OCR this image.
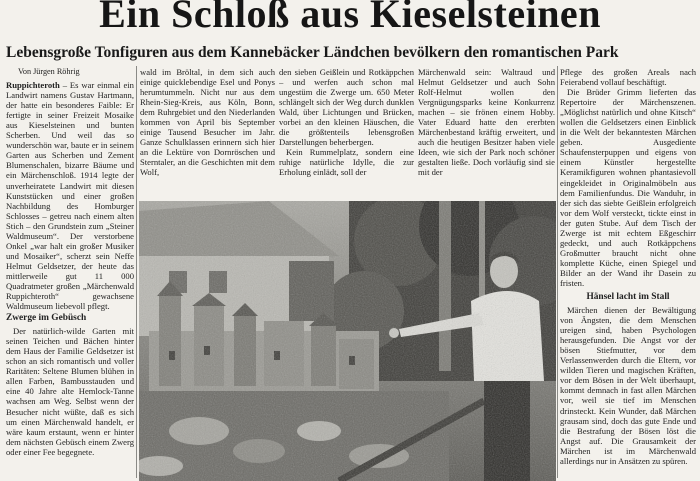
Ein Schloß aus Kieselsteinen
Lebensgroße Tonfiguren aus dem Kannebäcker Ländchen bevölkern den romantischen Park

Von Jürgen Röhrig

Ruppichteroth – Es war einmal ein Landwirt namens Gustav Hartmann, der hatte ein besonderes Faible: Er fertigte in seiner Freizeit Mosaike aus Kieselsteinen und bunten Scherben. Und weil das so wunderschön war, baute er in seinem Garten aus Scherben und Zement Blumenschalen, bizarre Bäume und ein Märchenschloß. 1914 legte der unverheiratete Landwirt mit diesen Kunststücken und einer großen Nachbildung des Homburger Schlosses – getreu nach einem alten Stich – den Grundstein zum „Steiner Waldmuseum“. Der verstorbene Onkel „war halt ein großer Musiker und Mosaiker“, scherzt sein Neffe Helmut Geldsetzer, der heute das mittlerweile gut 11 000 Quadratmeter großen „Märchenwald Ruppichteroth“ gewachsene Waldmuseum liebevoll pflegt.

Zwerge im Gebüsch

Der natürlich-wilde Garten mit seinen Teichen und Bächen hinter dem Haus der Familie Geldsetzer ist schon an sich romantisch und voller Raritäten: Seltene Blumen blühen in allen Farben, Bambusstauden und eine 40 Jahre alte Hemlock-Tanne wachsen am Weg. Selbst wenn der Besucher nicht wüßte, daß es sich um einen Märchenwald handelt, er wäre kaum erstaunt, wenn er hinter dem nächsten Gebüsch einem Zwerg oder einer Fee begegnete.

wald im Bröltal, in dem sich auch einige quicklebendige Esel und Ponys herumtummeln. Nicht nur aus dem Rhein-Sieg-Kreis, aus Köln, Bonn, dem Ruhrgebiet und den Niederlanden kommen von April bis September einige Tausend Besucher im Jahr. Ganze Schulklassen erinnern sich hier an die Lektüre von Dornröschen und Sterntaler, an die Geschichten mit dem Wolf,

den sieben Geißlein und Rotkäppchen – und werfen auch schon mal ungestüm die Zwerge um. 650 Meter schlängelt sich der Weg durch dunklen Wald, über Lichtungen und Brücken, vorbei an den kleinen Häuschen, die die größtenteils lebensgroßen Darstellungen beherbergen.

Kein Rummelplatz, sondern eine ruhige natürliche Idylle, die zur Erholung einlädt, soll der

Märchenwald sein: Waltraud und Helmut Geldsetzer und auch Sohn Rolf-Helmut wollen den Vergnügungsparks keine Konkurrenz machen – sie frönen einem Hobby. Vater Eduard hatte den ererbten Märchenbestand kräftig erweitert, und auch die heutigen Besitzer haben viele Ideen, wie sich der Park noch schöner gestalten ließe. Doch vorläufig sind sie mit der

Pflege des großen Areals nach Feierabend vollauf beschäftigt.

Die Brüder Grimm lieferten das Repertoire der Märchenszenen. „Möglichst natürlich und ohne Kitsch“ wollen die Geldsetzers einen Einblick in die Welt der bekanntesten Märchen geben. Ausgediente Schaufensterpuppen und eigens von einem Künstler hergestellte Keramikfiguren wohnen phantasievoll eingekleidet in Originalmöbeln aus dem Familienfundus. Die Wanduhr, in der sich das siebte Geißlein erfolgreich vor dem Wolf versteckt, tickte einst in der guten Stube. Auf dem Tisch der Zwerge ist mit echtem Eßgeschirr gedeckt, und auch Rotkäppchens Großmutter braucht nicht ohne komplette Küche, einen Spiegel und Bilder an der Wand ihr Dasein zu fristen.

Hänsel lacht im Stall

Märchen dienen der Bewältigung von Ängsten, die dem Menschen ureigen sind, haben Psychologen herausgefunden. Die Angst vor der bösen Stiefmutter, vor dem Verlassenwerden durch die Eltern, vor wilden Tieren und magischen Kräften, vor dem Bösen in der Welt überhaupt, kommt demnach in fast allen Märchen vor, weil sie tief im Menschen drinsteckt. Kein Wunder, daß Märchen grausam sind, doch das gute Ende und die Bestrafung der Bösen löst die Angst auf. Die Grausamkeit der Märchen ist im Märchenwald allerdings nur in Ansätzen zu spüren.
